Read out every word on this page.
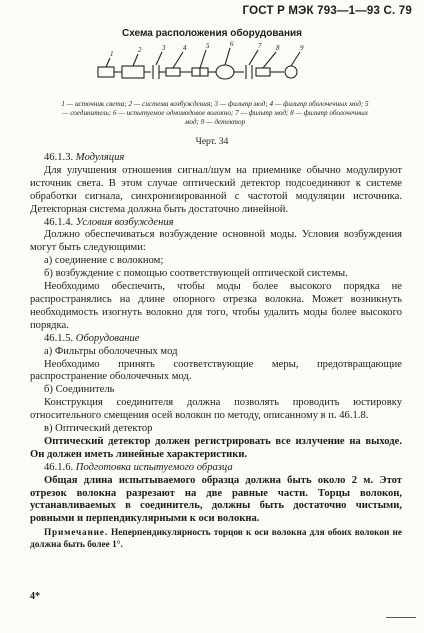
ГОСТ Р МЭК 793—1—93 С. 79
Схема расположения оборудования
1	2	3	4	5	6	7 8	9
1 — источник света; 2 — система возбуждения; 3 — фильтр мод; 4 — фильтр оболочечных мод; 5 — соединитель; 6 — испытуемое одномодовое волокно; 7 — фильтр мод; 8 — фильтр оболочечных мод; 9 — детектор
Черт. 34

46.1.3. Модуляция

Для улучшения отношения сигнал/шум на приемнике обычно модулируют источник света. В этом случае оптический детектор подсоединяют к системе обработки сигнала, синхронизированной с частотой модуляции источника. Детекторная система должна быть достаточно линейной.

46.1.4. Условия возбуждения

Должно обеспечиваться возбуждение основной моды. Условия возбуждения могут быть следующими:

а) соединение с волокном;

б) возбуждение с помощью соответствующей оптической системы.

Необходимо обеспечить, чтобы моды более высокого порядка не распространялись на длине опорного отрезка волокна. Может возникнуть необходимость изогнуть волокно для того, чтобы удалить моды более высокого порядка.

46.1.5. Оборудование

а) Фильтры оболочечных мод

Необходимо принять соответствующие меры, предотвращающие распространение оболочечных мод.

б) Соединитель

Конструкция соединителя должна позволять проводить юстировку относительного смещения осей волокон по методу, описанному в п. 46.1.8.

в) Оптический детектор

Оптический детектор должен регистрировать все излучение на выходе. Он должен иметь линейные характеристики.

46.1.6. Подготовка испытуемого образца

Общая длина испытываемого образца должна быть около 2 м. Этот отрезок волокна разрезают на две равные части. Торцы волокон, устанавливаемых в соединитель, должны быть достаточно чистыми, ровными и перпендикулярными к оси волокна.

Примечание. Неперпендикулярность торцов к оси волокна для обоих волокон не должна быть более 1°.

4*
